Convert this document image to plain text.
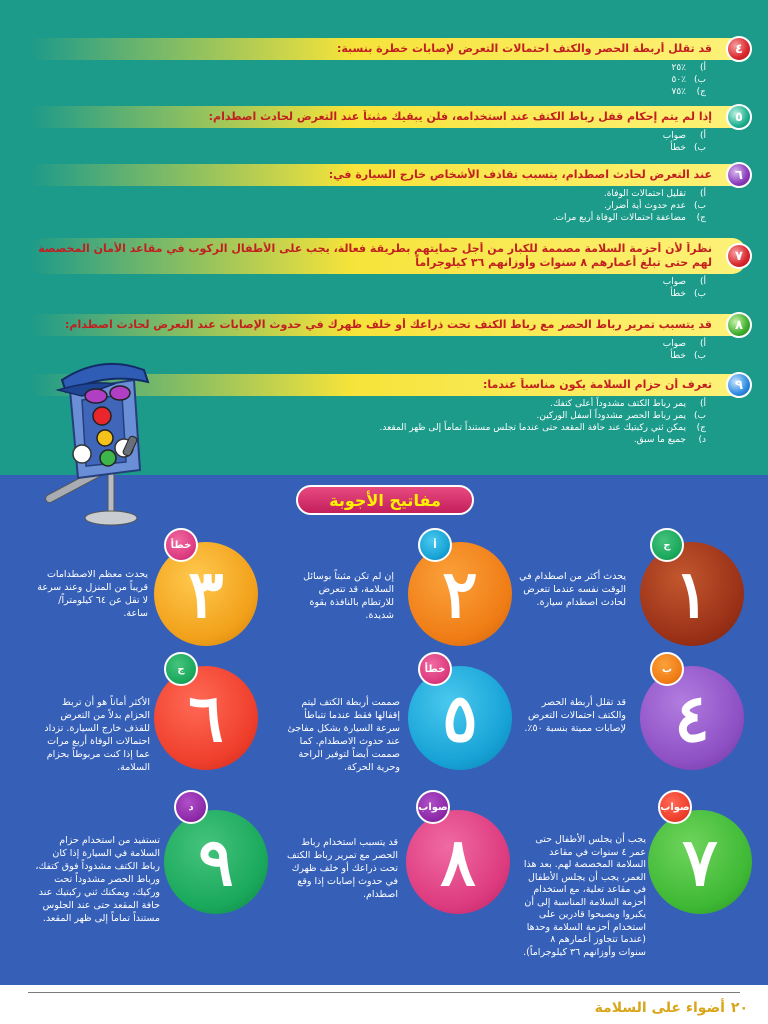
قد تقلل أربطة الحصر والكتف احتمالات التعرض لإصابات خطرة بنسبة:	٤
أ)
٪٢٥
ب)
٪٥٠
ج)
٪٧٥
إذا لم يتم إحكام قفل رباط الكتف عند استخدامه، فلن يبقيك مثبتاً عند التعرض لحادث اصطدام:	٥
أ)
صواب
ب)
خطأ
عند التعرض لحادث اصطدام، يتسبب تقاذف الأشخاص خارج السيارة في:	٦
أ)
تقليل احتمالات الوفاة.
ب)
عدم حدوث أية أضرار.
ج)
مضاعفة احتمالات الوفاة أربع مرات.
نظراً لأن أحزمة السلامة مصممة للكبار من أجل حمايتهم بطريقة فعالة، يجب على الأطفال الركوب في مقاعد الأمان المخصصة لهم حتى تبلغ أعمارهم ٨ سنوات وأوزانهم ٣٦ كيلوجراماً	٧
أ)
صواب
ب)
خطأ
قد يتسبب تمرير رباط الحصر مع رباط الكتف تحت ذراعك أو خلف ظهرك في حدوث الإصابات عند التعرض لحادث اصطدام:	٨
أ)
صواب
ب)
خطأ
تعرف أن حزام السلامة يكون مناسباً عندما:	٩
أ)
يمر رباط الكتف مشدوداً أعلى كتفك.
ب)
يمر رباط الحصر مشدوداً أسفل الوركين.
ج)
يمكن ثني ركبتيك عند حافة المقعد حتى عندما تجلس مستنداً تماماً إلى ظهر المقعد.
د)
جميع ما سبق.
مفاتيح الأجوبة
١
ج
يحدث أكثر من اصطدام في الوقت نفسه عندما تتعرض لحادث اصطدام سيارة.
٢
أ
إن لم تكن مثبتاً بوسائل السلامة، قد تتعرض للارتطام بالنافذة بقوة شديدة.
٣
خطأ
يحدث معظم الاصطدامات قريباً من المنزل وعند سرعة لا تقل عن ٦٤ كيلومتراً/ساعة.
٤
ب
قد تقلل أربطة الحصر والكتف احتمالات التعرض لإصابات مميتة بنسبة ٥٠٪.
٥
خطأ
صممت أربطة الكتف ليتم إقفالها فقط عندما تتباطأ سرعة السيارة بشكل مفاجئ عند حدوث الاصطدام. كما صممت أيضاً لتوفير الراحة وحرية الحركة.
٦
ج
الأكثر أماناً هو أن تربط الحزام بدلاً من التعرض للقذف خارج السيارة. تزداد احتمالات الوفاة أربع مرات عما إذا كنت مربوطاً بحزام السلامة.
٧
صواب
يجب أن يجلس الأطفال حتى عمر ٤ سنوات في مقاعد السلامة المخصصة لهم. بعد هذا العمر، يجب أن يجلس الأطفال في مقاعد تعلية، مع استخدام أحزمة السلامة المناسبة إلى أن يكبروا ويصبحوا قادرين على استخدام أحزمة السلامة وحدها (عندما تتجاوز أعمارهم ٨ سنوات وأوزانهم ٣٦ كيلوجراماً).
٨
صواب
قد يتسبب استخدام رباط الحصر مع تمرير رباط الكتف تحت ذراعك أو خلف ظهرك في حدوث إصابات إذا وقع اصطدام.
٩
د
تستفيد من استخدام حزام السلامة في السيارة إذا كان رباط الكتف مشدوداً فوق كتفك، ورباط الحصر مشدوداً تحت وركيك، ويمكنك ثني ركبتيك عند حافة المقعد حتى عند الجلوس مستنداً تماماً إلى ظهر المقعد.
٢٠
أضواء على السلامة
